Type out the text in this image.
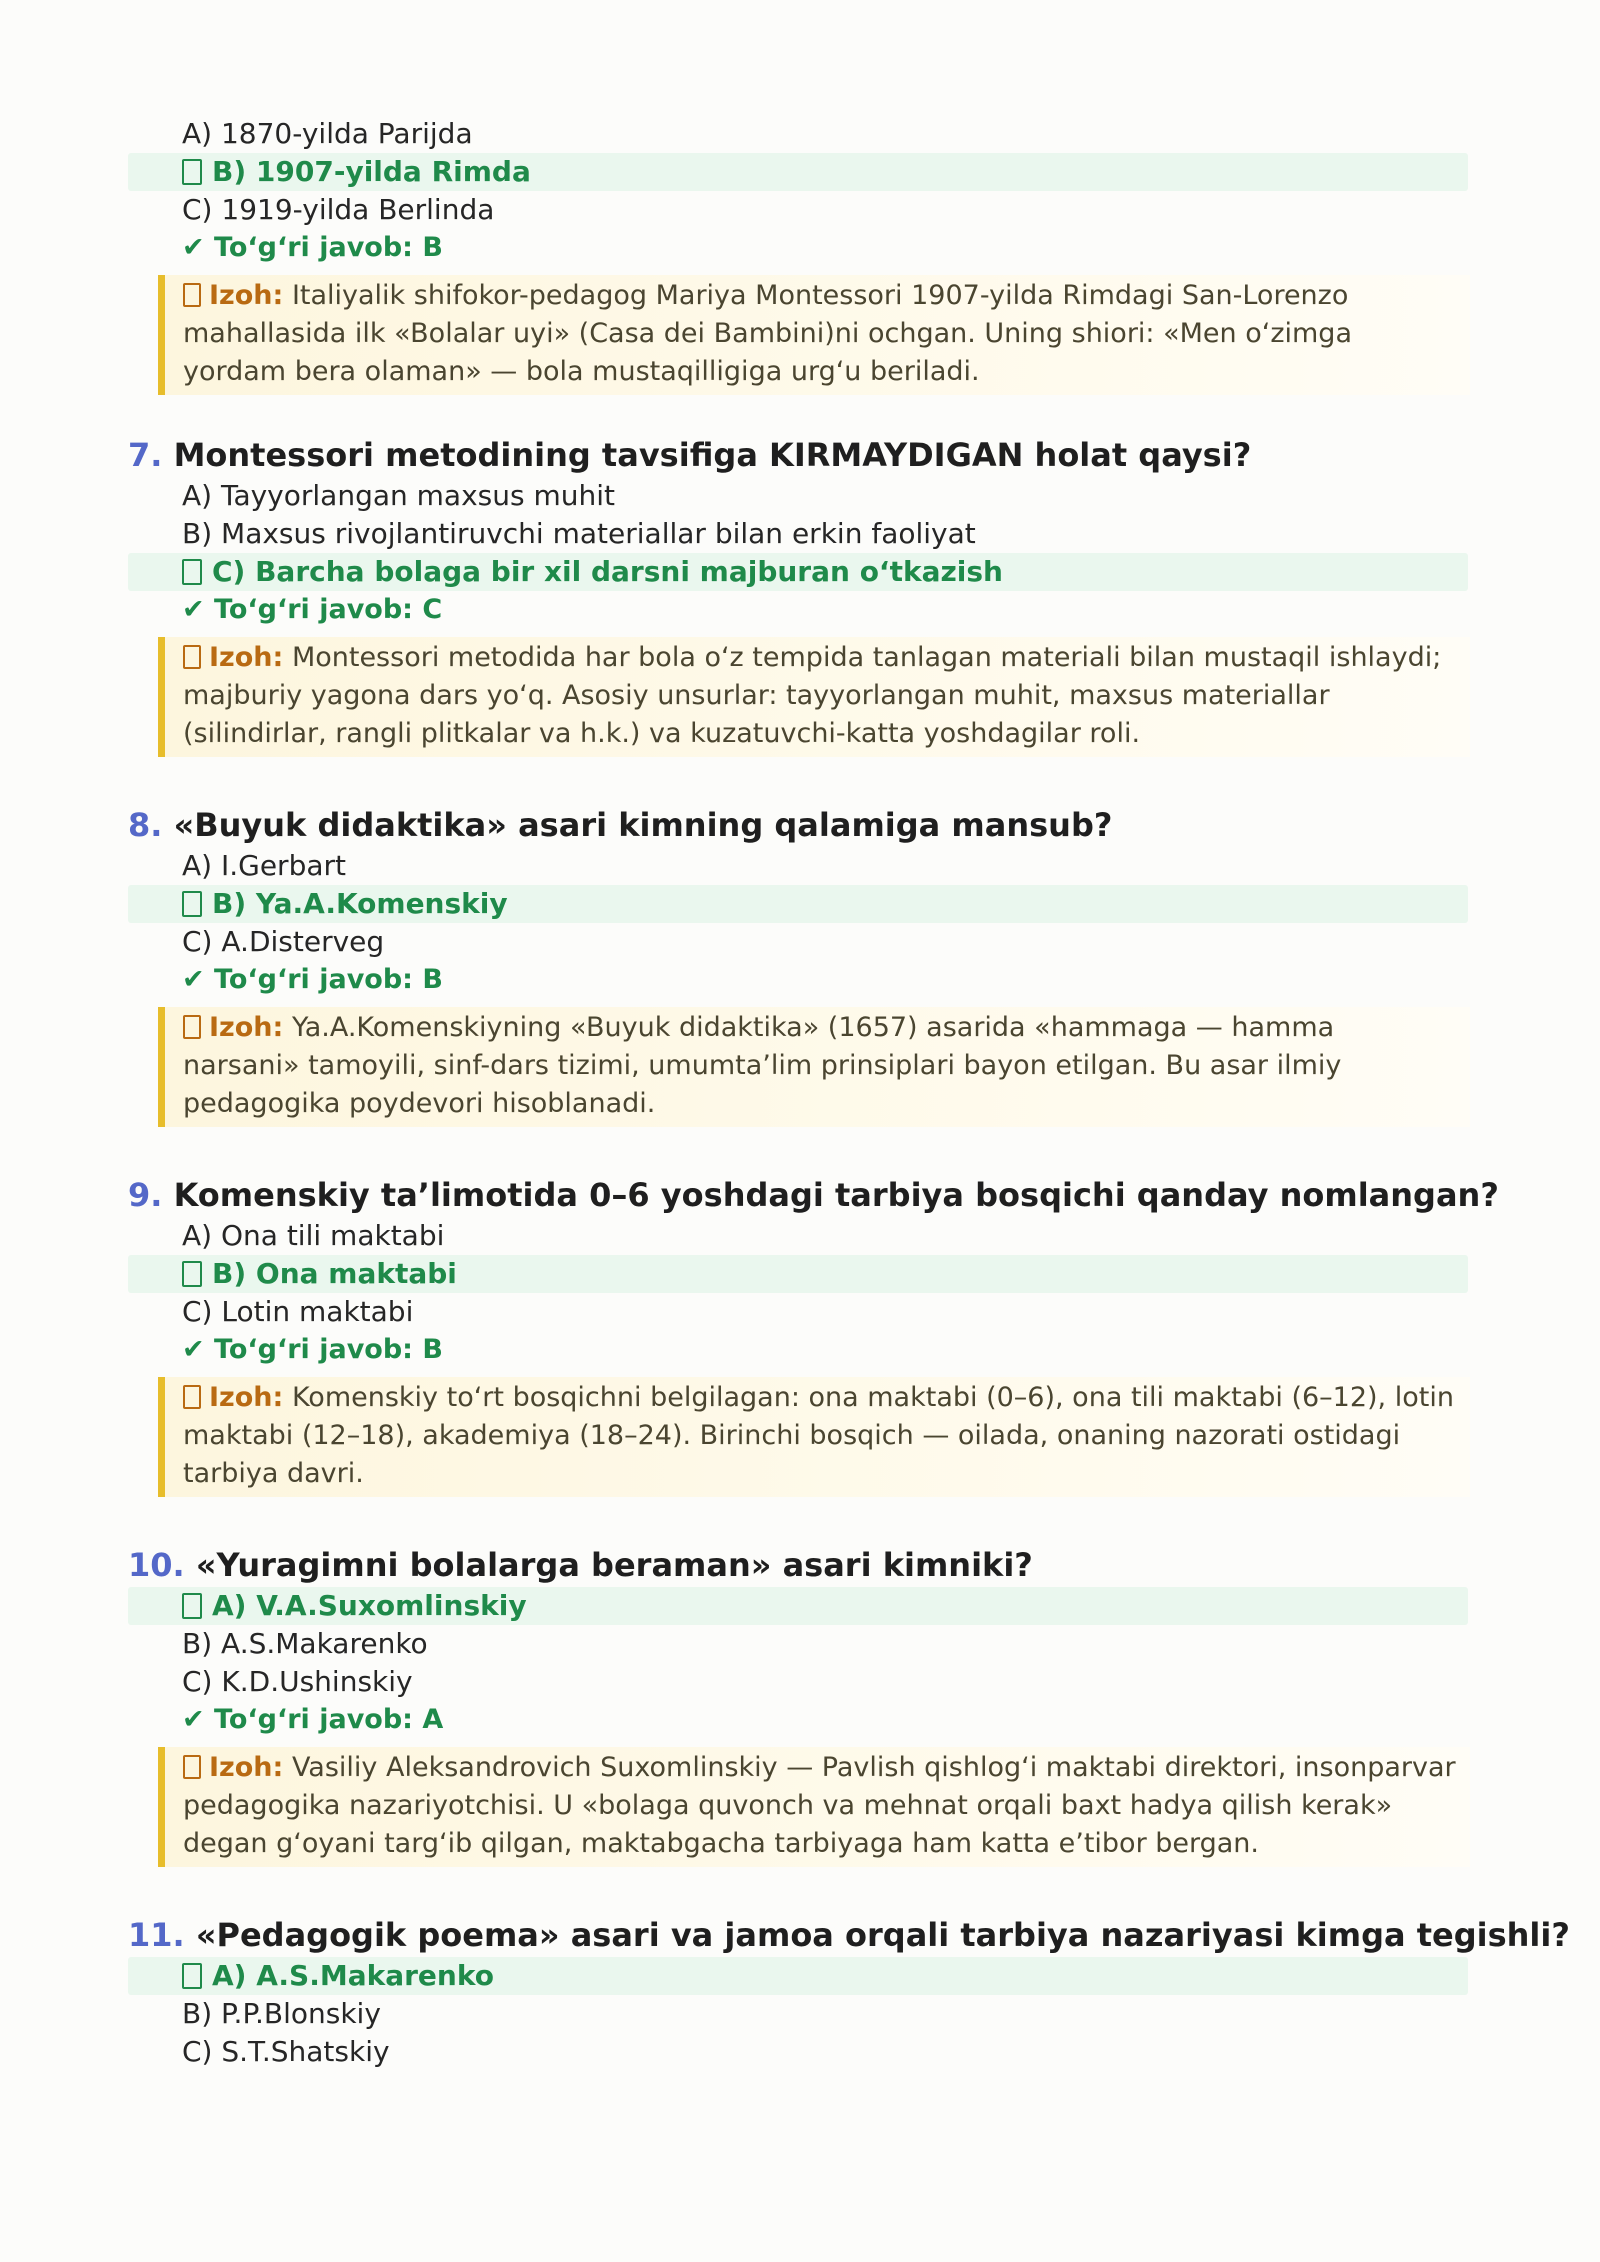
A) 1870-yilda Parijda
B) 1907-yilda Rimda
C) 1919-yilda Berlinda
✔ To‘g‘ri javob: B
Izoh: Italiyalik shifokor-pedagog Mariya Montessori 1907-yilda Rimdagi San-Lorenzo mahallasida ilk «Bolalar uyi» (Casa dei Bambini)ni ochgan. Uning shiori: «Men o‘zimga yordam bera olaman» — bola mustaqilligiga urg‘u beriladi.
7. Montessori metodining tavsifiga KIRMAYDIGAN holat qaysi?
A) Tayyorlangan maxsus muhit
B) Maxsus rivojlantiruvchi materiallar bilan erkin faoliyat
C) Barcha bolaga bir xil darsni majburan o‘tkazish
✔ To‘g‘ri javob: C
Izoh: Montessori metodida har bola o‘z tempida tanlagan materiali bilan mustaqil ishlaydi; majburiy yagona dars yo‘q. Asosiy unsurlar: tayyorlangan muhit, maxsus materiallar (silindirlar, rangli plitkalar va h.k.) va kuzatuvchi-katta yoshdagilar roli.
8. «Buyuk didaktika» asari kimning qalamiga mansub?
A) I.Gerbart
B) Ya.A.Komenskiy
C) A.Disterveg
✔ To‘g‘ri javob: B
Izoh: Ya.A.Komenskiyning «Buyuk didaktika» (1657) asarida «hammaga — hamma narsani» tamoyili, sinf-dars tizimi, umumta’lim prinsiplari bayon etilgan. Bu asar ilmiy pedagogika poydevori hisoblanadi.
9. Komenskiy ta’limotida 0–6 yoshdagi tarbiya bosqichi qanday nomlangan?
A) Ona tili maktabi
B) Ona maktabi
C) Lotin maktabi
✔ To‘g‘ri javob: B
Izoh: Komenskiy to‘rt bosqichni belgilagan: ona maktabi (0–6), ona tili maktabi (6–12), lotin maktabi (12–18), akademiya (18–24). Birinchi bosqich — oilada, onaning nazorati ostidagi tarbiya davri.
10. «Yuragimni bolalarga beraman» asari kimniki?
A) V.A.Suxomlinskiy
B) A.S.Makarenko
C) K.D.Ushinskiy
✔ To‘g‘ri javob: A
Izoh: Vasiliy Aleksandrovich Suxomlinskiy — Pavlish qishlog‘i maktabi direktori, insonparvar pedagogika nazariyotchisi. U «bolaga quvonch va mehnat orqali baxt hadya qilish kerak» degan g‘oyani targ‘ib qilgan, maktabgacha tarbiyaga ham katta e’tibor bergan.
11. «Pedagogik poema» asari va jamoa orqali tarbiya nazariyasi kimga tegishli?
A) A.S.Makarenko
B) P.P.Blonskiy
C) S.T.Shatskiy
